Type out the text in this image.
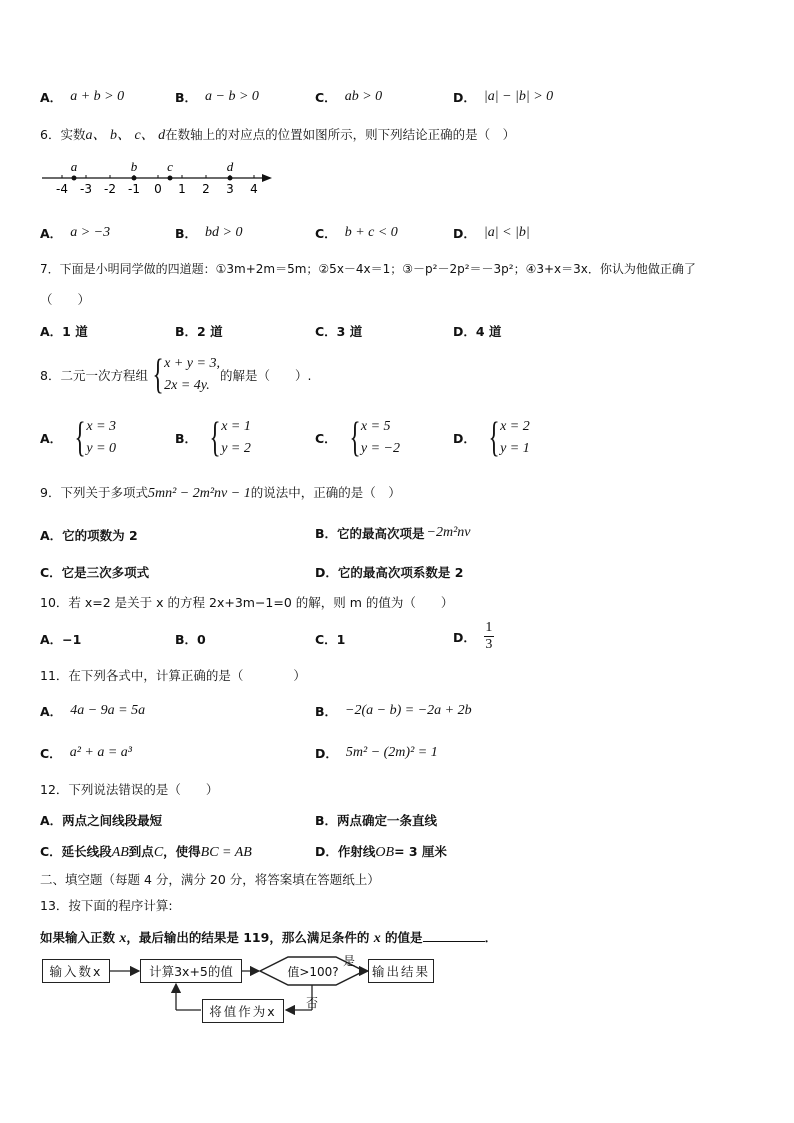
A． a + b > 0	B． a − b > 0	C． ab > 0	D． |a| − |b| > 0
6．实数a、 b、 c、 d在数轴上的对应点的位置如图所示，则下列结论正确的是（　）
-4 -3 -2 -1 0 1 2 3 4
a	b c	d
A． a > −3	B． bd > 0	C． b + c < 0	D． |a| < |b|
7．下面是小明同学做的四道题：①3m+2m＝5m；②5x－4x＝1；③－p²－2p²＝－3p²；④3+x＝3x．你认为他做正确了
（　　）
A．1 道	B．2 道	C．3 道	D．4 道
8．二元一次方程组 { x + y = 3,
2x = 4y.
的解是（　　）.
A． { x = 3
y = 0
B． { x = 1
y = 2
C． { x = 5
y = −2
D． { x = 2
y = 1
9．下列关于多项式5mn² − 2m²nv − 1的说法中，正确的是（　）
A．它的项数为 2	B．它的最高次项是 −2m²nv
C．它是三次多项式	D．它的最高次项系数是 2
10．若 x=2 是关于 x 的方程 2x+3m−1=0 的解，则 m 的值为（　　）
A．−1	B．0	C．1	D． $\frac{1}{3}$
11．在下列各式中，计算正确的是（　　　　）
A． 4a − 9a = 5a	B． −2(a − b) = −2a + 2b
C． a² + a = a³	D． 5m² − (2m)² = 1
12．下列说法错误的是（　　）
A．两点之间线段最短	B．两点确定一条直线
C．延长线段AB到点C，使得BC = AB	D．作射线OB= 3 厘米
二、填空题（每题 4 分，满分 20 分，将答案填在答题纸上）
13．按下面的程序计算:
如果输入正数 x，最后输出的结果是 119，那么满足条件的 x 的值是	．
输入数x	计算3x+5的值	值>100?
是
输出结果
否
将值作为x
